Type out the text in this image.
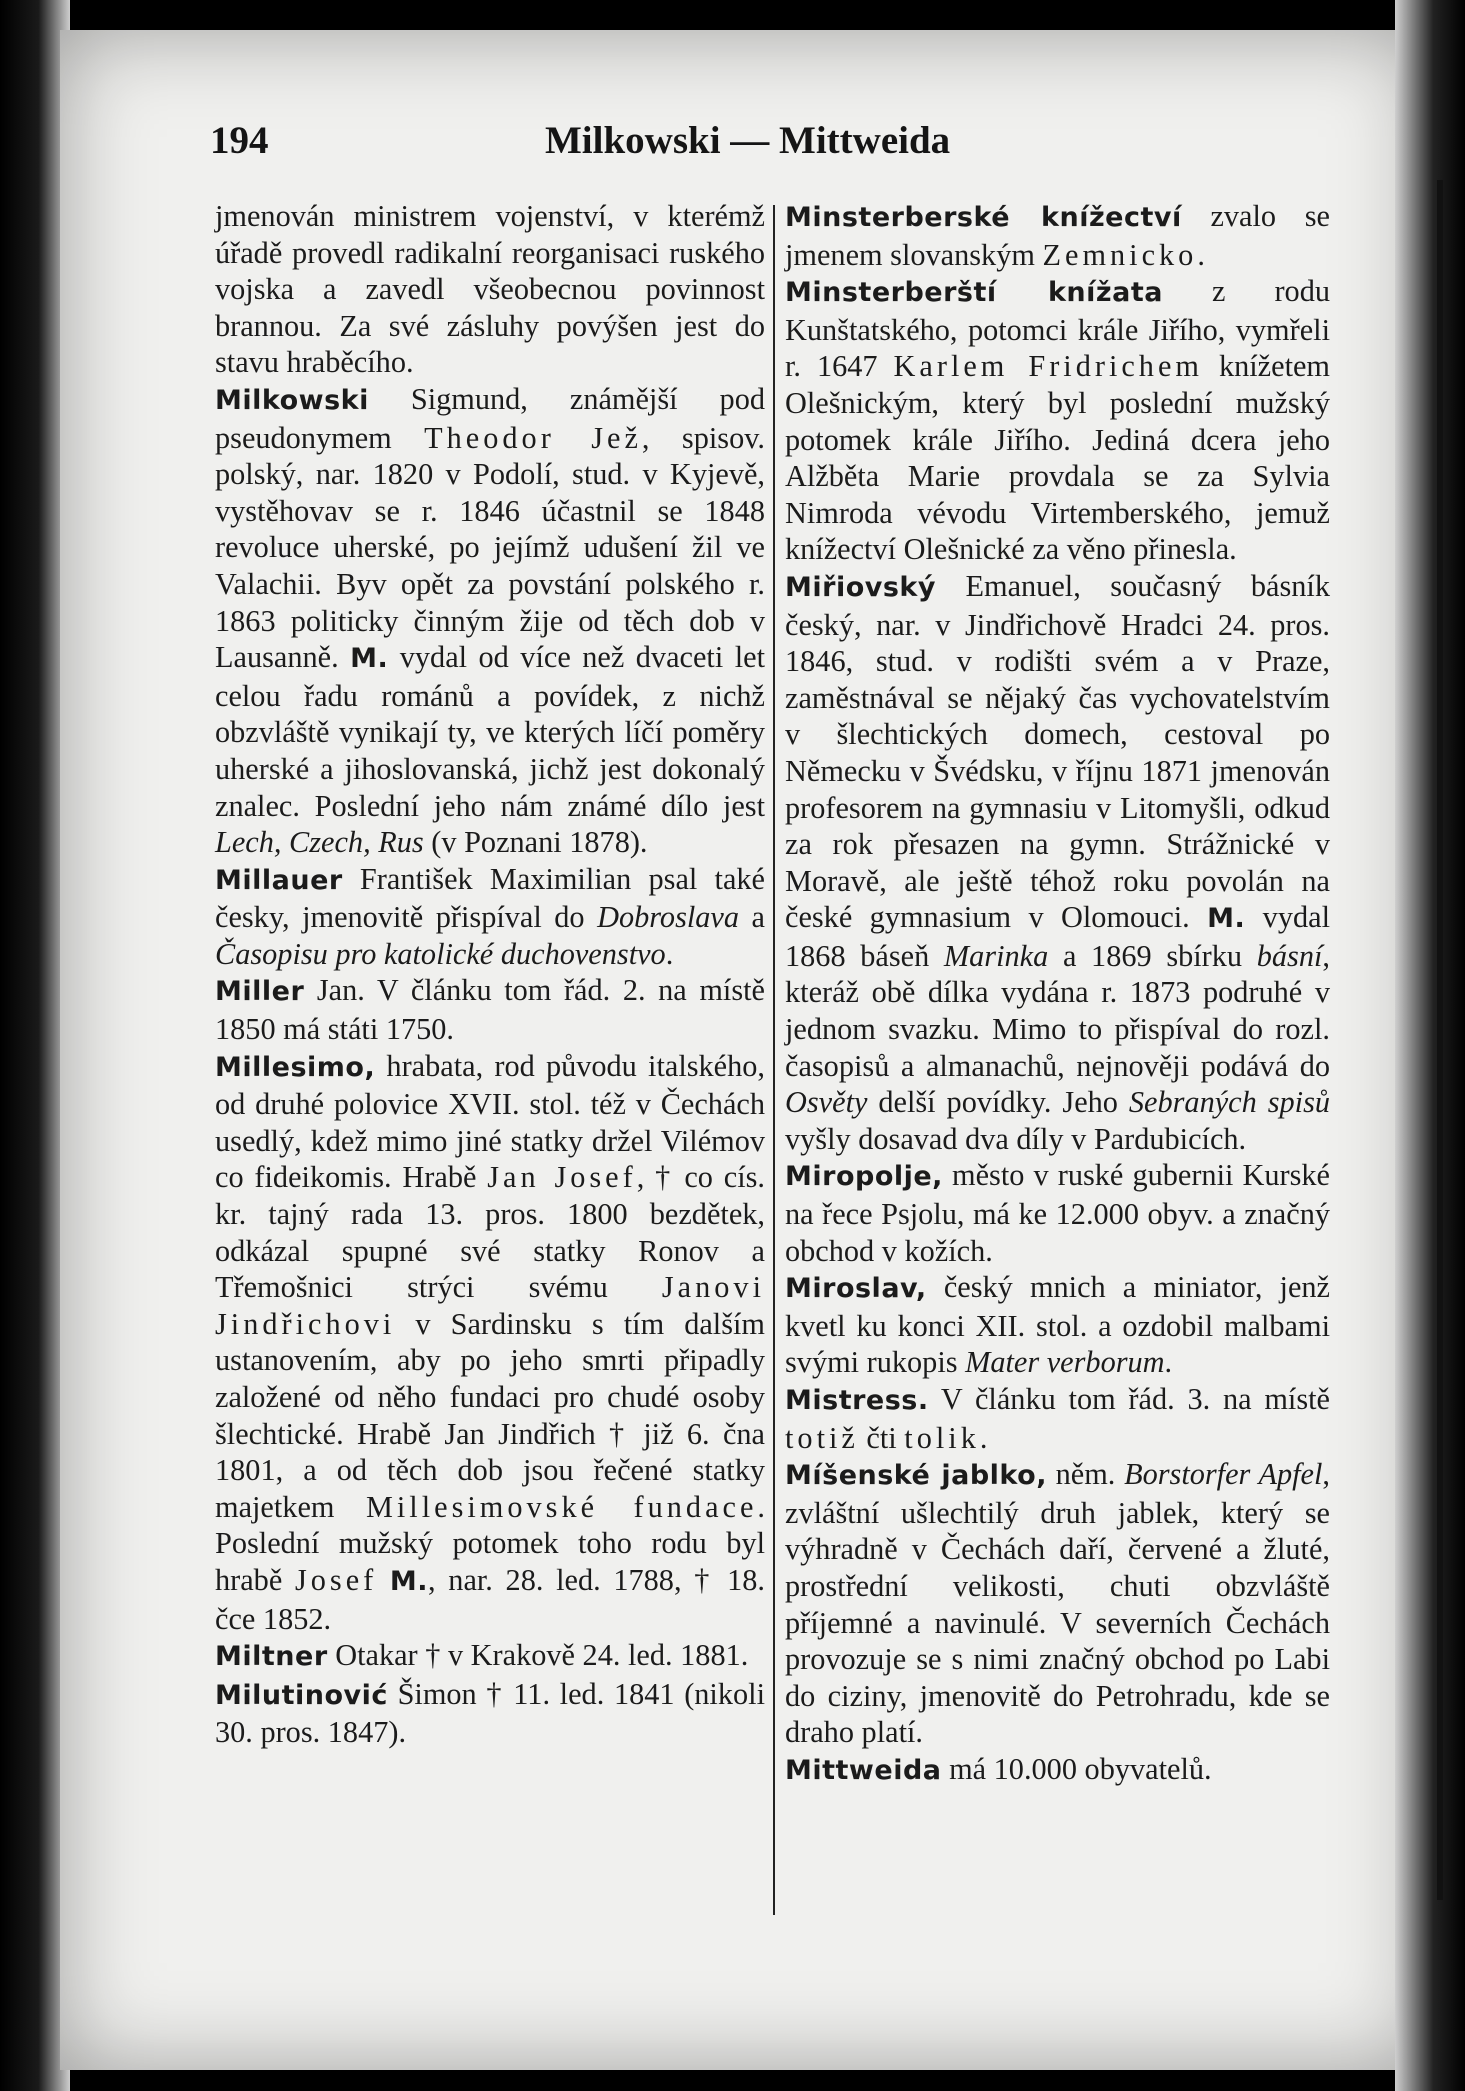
194	Milkowski — Mittweida

jmenován ministrem vojenství, v kterémž úřadě provedl radikalní reorganisaci ruského vojska a zavedl všeobecnou povinnost brannou. Za své zásluhy povýšen jest do stavu hraběcího.

Milkowski Sigmund, známější pod pseudonymem Theodor Jež, spisov. polský, nar. 1820 v Podolí, stud. v Kyjevě, vystěhovav se r. 1846 účastnil se 1848 revoluce uherské, po jejímž udušení žil ve Valachii. Byv opět za povstání polského r. 1863 politicky činným žije od těch dob v Lausanně. M. vydal od více než dvaceti let celou řadu románů a povídek, z nichž obzvláště vynikají ty, ve kterých líčí poměry uherské a jihoslovanská, jichž jest dokonalý znalec. Poslední jeho nám známé dílo jest Lech, Czech, Rus (v Poznani 1878).

Millauer František Maximilian psal také česky, jmenovitě přispíval do Dobroslava a Časopisu pro katolické duchovenstvo.

Miller Jan. V článku tom řád. 2. na místě 1850 má státi 1750.

Millesimo, hrabata, rod původu italského, od druhé polovice XVII. stol. též v Čechách usedlý, kdež mimo jiné statky držel Vilémov co fideikomis. Hrabě Jan Josef, † co cís. kr. tajný rada 13. pros. 1800 bezdětek, odkázal spupné své statky Ronov a Třemošnici strýci svému Janovi Jindřichovi v Sardinsku s tím dalším ustanovením, aby po jeho smrti připadly založené od něho fundaci pro chudé osoby šlechtické. Hrabě Jan Jindřich † již 6. čna 1801, a od těch dob jsou řečené statky majetkem Millesimovské fundace. Poslední mužský potomek toho rodu byl hrabě Josef M., nar. 28. led. 1788, † 18. čce 1852.

Miltner Otakar † v Krakově 24. led. 1881.

Milutinović Šimon † 11. led. 1841 (nikoli 30. pros. 1847).

Minsterberské knížectví zvalo se jmenem slovanským Zemnicko.

Minsterberští knížata z rodu Kunštatského, potomci krále Jiřího, vymřeli r. 1647 Karlem Fridrichem knížetem Olešnickým, který byl poslední mužský potomek krále Jiřího. Jediná dcera jeho Alžběta Marie provdala se za Sylvia Nimroda vévodu Virtemberského, jemuž knížectví Olešnické za věno přinesla.

Miřiovský Emanuel, současný básník český, nar. v Jindřichově Hradci 24. pros. 1846, stud. v rodišti svém a v Praze, zaměstnával se nějaký čas vychovatelstvím v šlechtických domech, cestoval po Německu v Švédsku, v říjnu 1871 jmenován profesorem na gymnasiu v Litomyšli, odkud za rok přesazen na gymn. Strážnické v Moravě, ale ještě téhož roku povolán na české gymnasium v Olomouci. M. vydal 1868 báseň Marinka a 1869 sbírku básní, kteráž obě dílka vydána r. 1873 podruhé v jednom svazku. Mimo to přispíval do rozl. časopisů a almanachů, nejnověji podává do Osvěty delší povídky. Jeho Sebraných spisů vyšly dosavad dva díly v Pardubicích.

Miropolje, město v ruské gubernii Kurské na řece Psjolu, má ke 12.000 obyv. a značný obchod v kožích.

Miroslav, český mnich a miniator, jenž kvetl ku konci XII. stol. a ozdobil malbami svými rukopis Mater verborum.

Mistress. V článku tom řád. 3. na místě totiž čti tolik.

Míšenské jablko, něm. Borstorfer Apfel, zvláštní ušlechtilý druh jablek, který se výhradně v Čechách daří, červené a žluté, prostřední velikosti, chuti obzvláště příjemné a navinulé. V severních Čechách provozuje se s nimi značný obchod po Labi do ciziny, jmenovitě do Petrohradu, kde se draho platí.

Mittweida má 10.000 obyvatelů.
